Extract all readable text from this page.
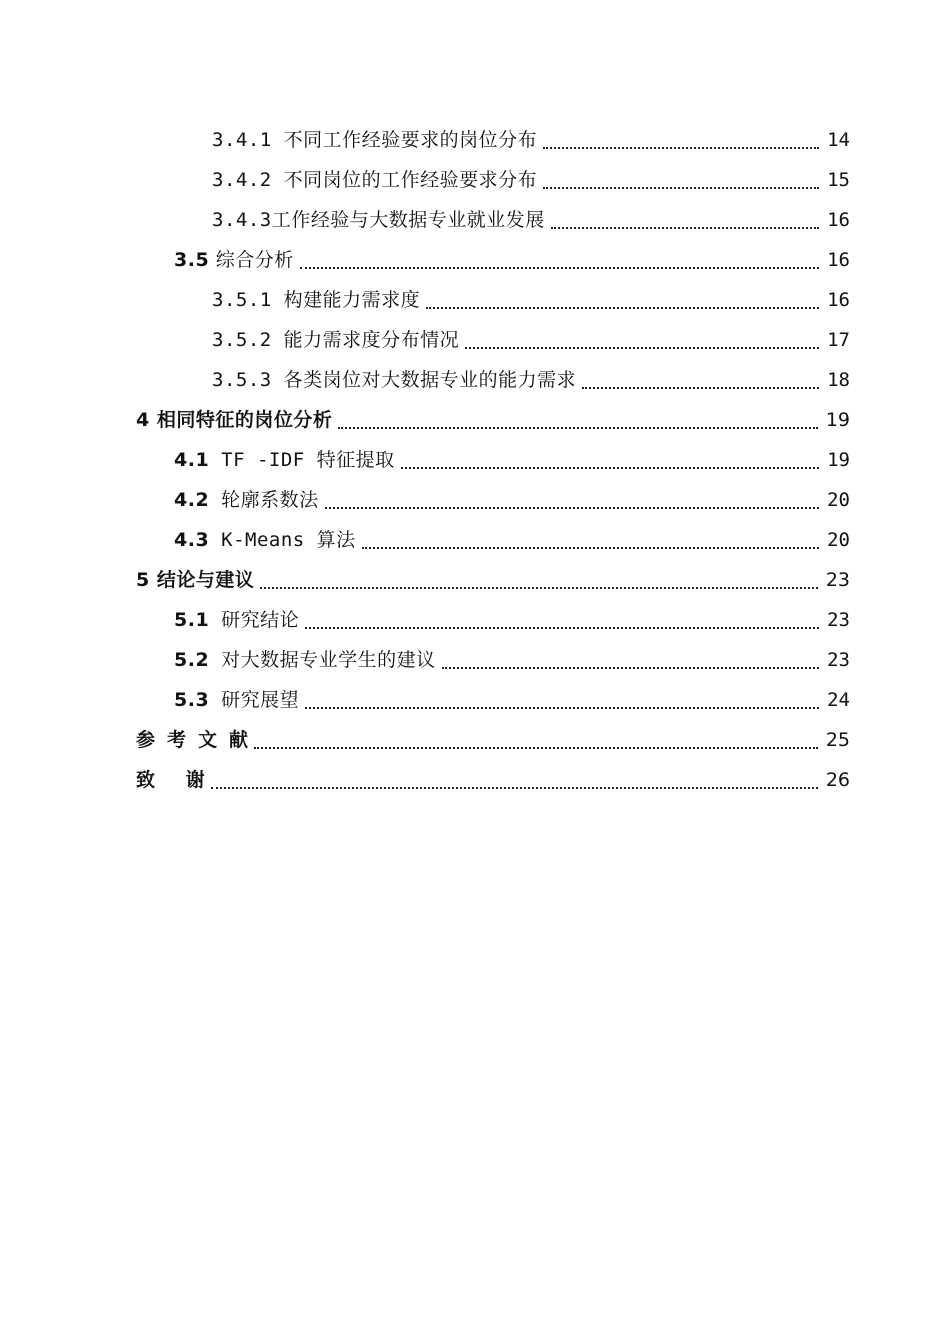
3.4.1 不同工作经验要求的岗位分布	14
3.4.2 不同岗位的工作经验要求分布	15
3.4.3工作经验与大数据专业就业发展	16
3.5 综合分析	16
3.5.1 构建能力需求度	16
3.5.2 能力需求度分布情况	17
3.5.3 各类岗位对大数据专业的能力需求	18
4 相同特征的岗位分析	19
4.1 TF -IDF 特征提取	19
4.2 轮廓系数法	20
4.3 K-Means 算法	20
5 结论与建议	23
5.1 研究结论	23
5.2 对大数据专业学生的建议	23
5.3 研究展望	24
参考文献	25
致 谢	26
